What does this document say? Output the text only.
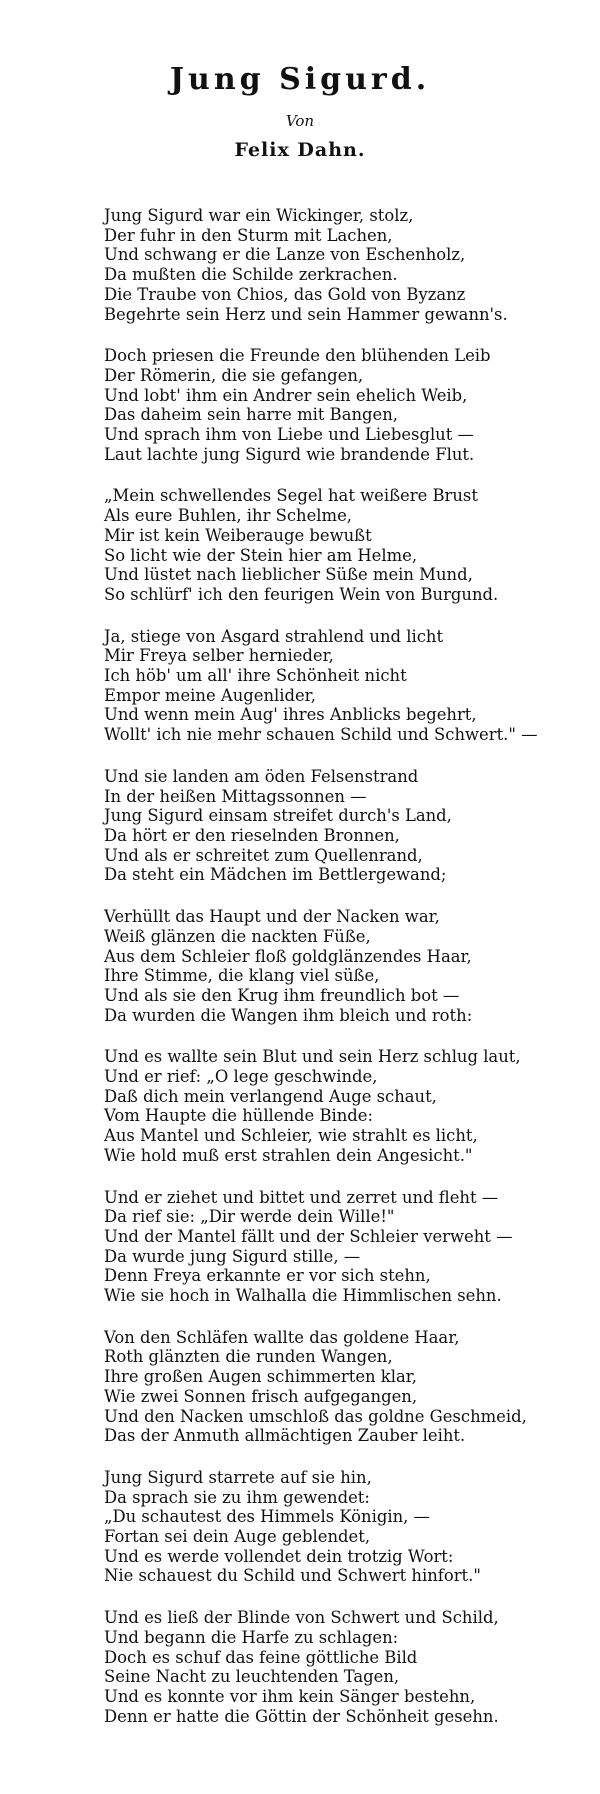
Jung Sigurd.
Von
Felix Dahn.
Jung Sigurd war ein Wickinger, stolz,
Der fuhr in den Sturm mit Lachen,
Und schwang er die Lanze von Eschenholz,
Da mußten die Schilde zerkrachen.
Die Traube von Chios, das Gold von Byzanz
Begehrte sein Herz und sein Hammer gewann's.
Doch priesen die Freunde den blühenden Leib
Der Römerin, die sie gefangen,
Und lobt' ihm ein Andrer sein ehelich Weib,
Das daheim sein harre mit Bangen,
Und sprach ihm von Liebe und Liebesglut —
Laut lachte jung Sigurd wie brandende Flut.
„Mein schwellendes Segel hat weißere Brust
Als eure Buhlen, ihr Schelme,
Mir ist kein Weiberauge bewußt
So licht wie der Stein hier am Helme,
Und lüstet nach lieblicher Süße mein Mund,
So schlürf' ich den feurigen Wein von Burgund.
Ja, stiege von Asgard strahlend und licht
Mir Freya selber hernieder,
Ich höb' um all' ihre Schönheit nicht
Empor meine Augenlider,
Und wenn mein Aug' ihres Anblicks begehrt,
Wollt' ich nie mehr schauen Schild und Schwert." —
Und sie landen am öden Felsenstrand
In der heißen Mittagssonnen —
Jung Sigurd einsam streifet durch's Land,
Da hört er den rieselnden Bronnen,
Und als er schreitet zum Quellenrand,
Da steht ein Mädchen im Bettlergewand;
Verhüllt das Haupt und der Nacken war,
Weiß glänzen die nackten Füße,
Aus dem Schleier floß goldglänzendes Haar,
Ihre Stimme, die klang viel süße,
Und als sie den Krug ihm freundlich bot —
Da wurden die Wangen ihm bleich und roth:
Und es wallte sein Blut und sein Herz schlug laut,
Und er rief: „O lege geschwinde,
Daß dich mein verlangend Auge schaut,
Vom Haupte die hüllende Binde:
Aus Mantel und Schleier, wie strahlt es licht,
Wie hold muß erst strahlen dein Angesicht."
Und er ziehet und bittet und zerret und fleht —
Da rief sie: „Dir werde dein Wille!"
Und der Mantel fällt und der Schleier verweht —
Da wurde jung Sigurd stille, —
Denn Freya erkannte er vor sich stehn,
Wie sie hoch in Walhalla die Himmlischen sehn.
Von den Schläfen wallte das goldene Haar,
Roth glänzten die runden Wangen,
Ihre großen Augen schimmerten klar,
Wie zwei Sonnen frisch aufgegangen,
Und den Nacken umschloß das goldne Geschmeid,
Das der Anmuth allmächtigen Zauber leiht.
Jung Sigurd starrete auf sie hin,
Da sprach sie zu ihm gewendet:
„Du schautest des Himmels Königin, —
Fortan sei dein Auge geblendet,
Und es werde vollendet dein trotzig Wort:
Nie schauest du Schild und Schwert hinfort."
Und es ließ der Blinde von Schwert und Schild,
Und begann die Harfe zu schlagen:
Doch es schuf das feine göttliche Bild
Seine Nacht zu leuchtenden Tagen,
Und es konnte vor ihm kein Sänger bestehn,
Denn er hatte die Göttin der Schönheit gesehn.
